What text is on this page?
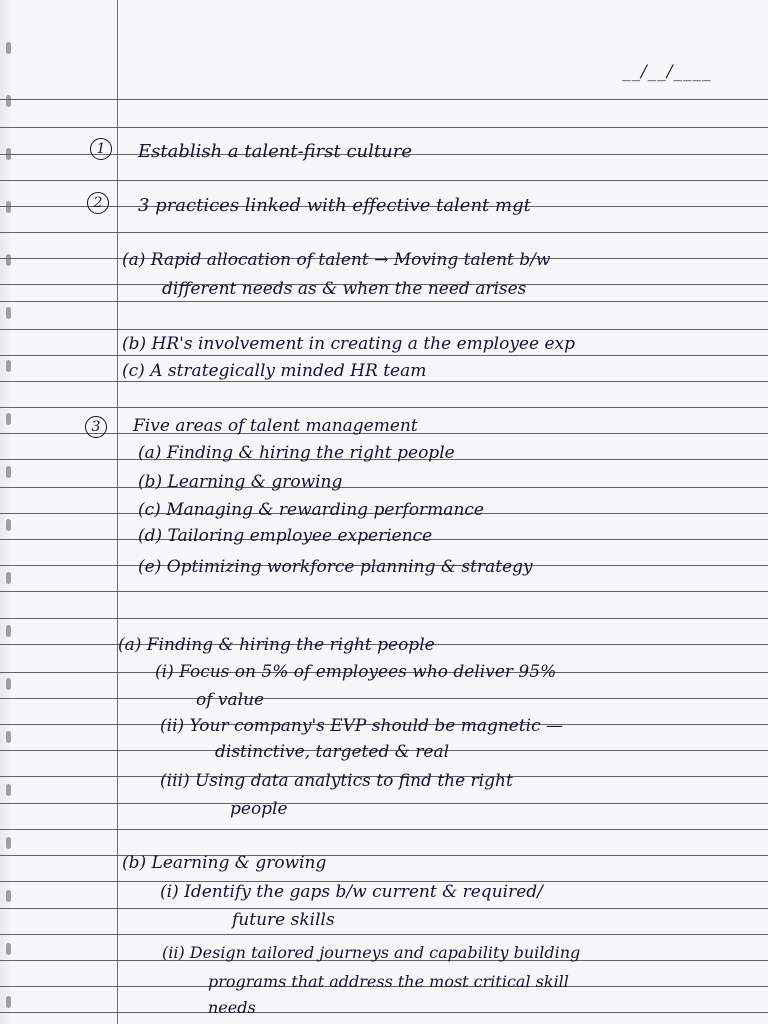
__/__/____
1	Establish a talent-first culture
2	3 practices linked with effective talent mgt
(a) Rapid allocation of talent → Moving talent b/w
different needs as & when the need arises
(b) HR's involvement in creating a the employee exp
(c) A strategically minded HR team
3	Five areas of talent management
(a) Finding & hiring the right people
(b) Learning & growing
(c) Managing & rewarding performance
(d) Tailoring employee experience
(e) Optimizing workforce planning & strategy
(a) Finding & hiring the right people
(i) Focus on 5% of employees who deliver 95%
of value
(ii) Your company's EVP should be magnetic —
distinctive, targeted & real
(iii) Using data analytics to find the right
people
(b) Learning & growing
(i) Identify the gaps b/w current & required/
future skills
(ii) Design tailored journeys and capability building
programs that address the most critical skill
needs
